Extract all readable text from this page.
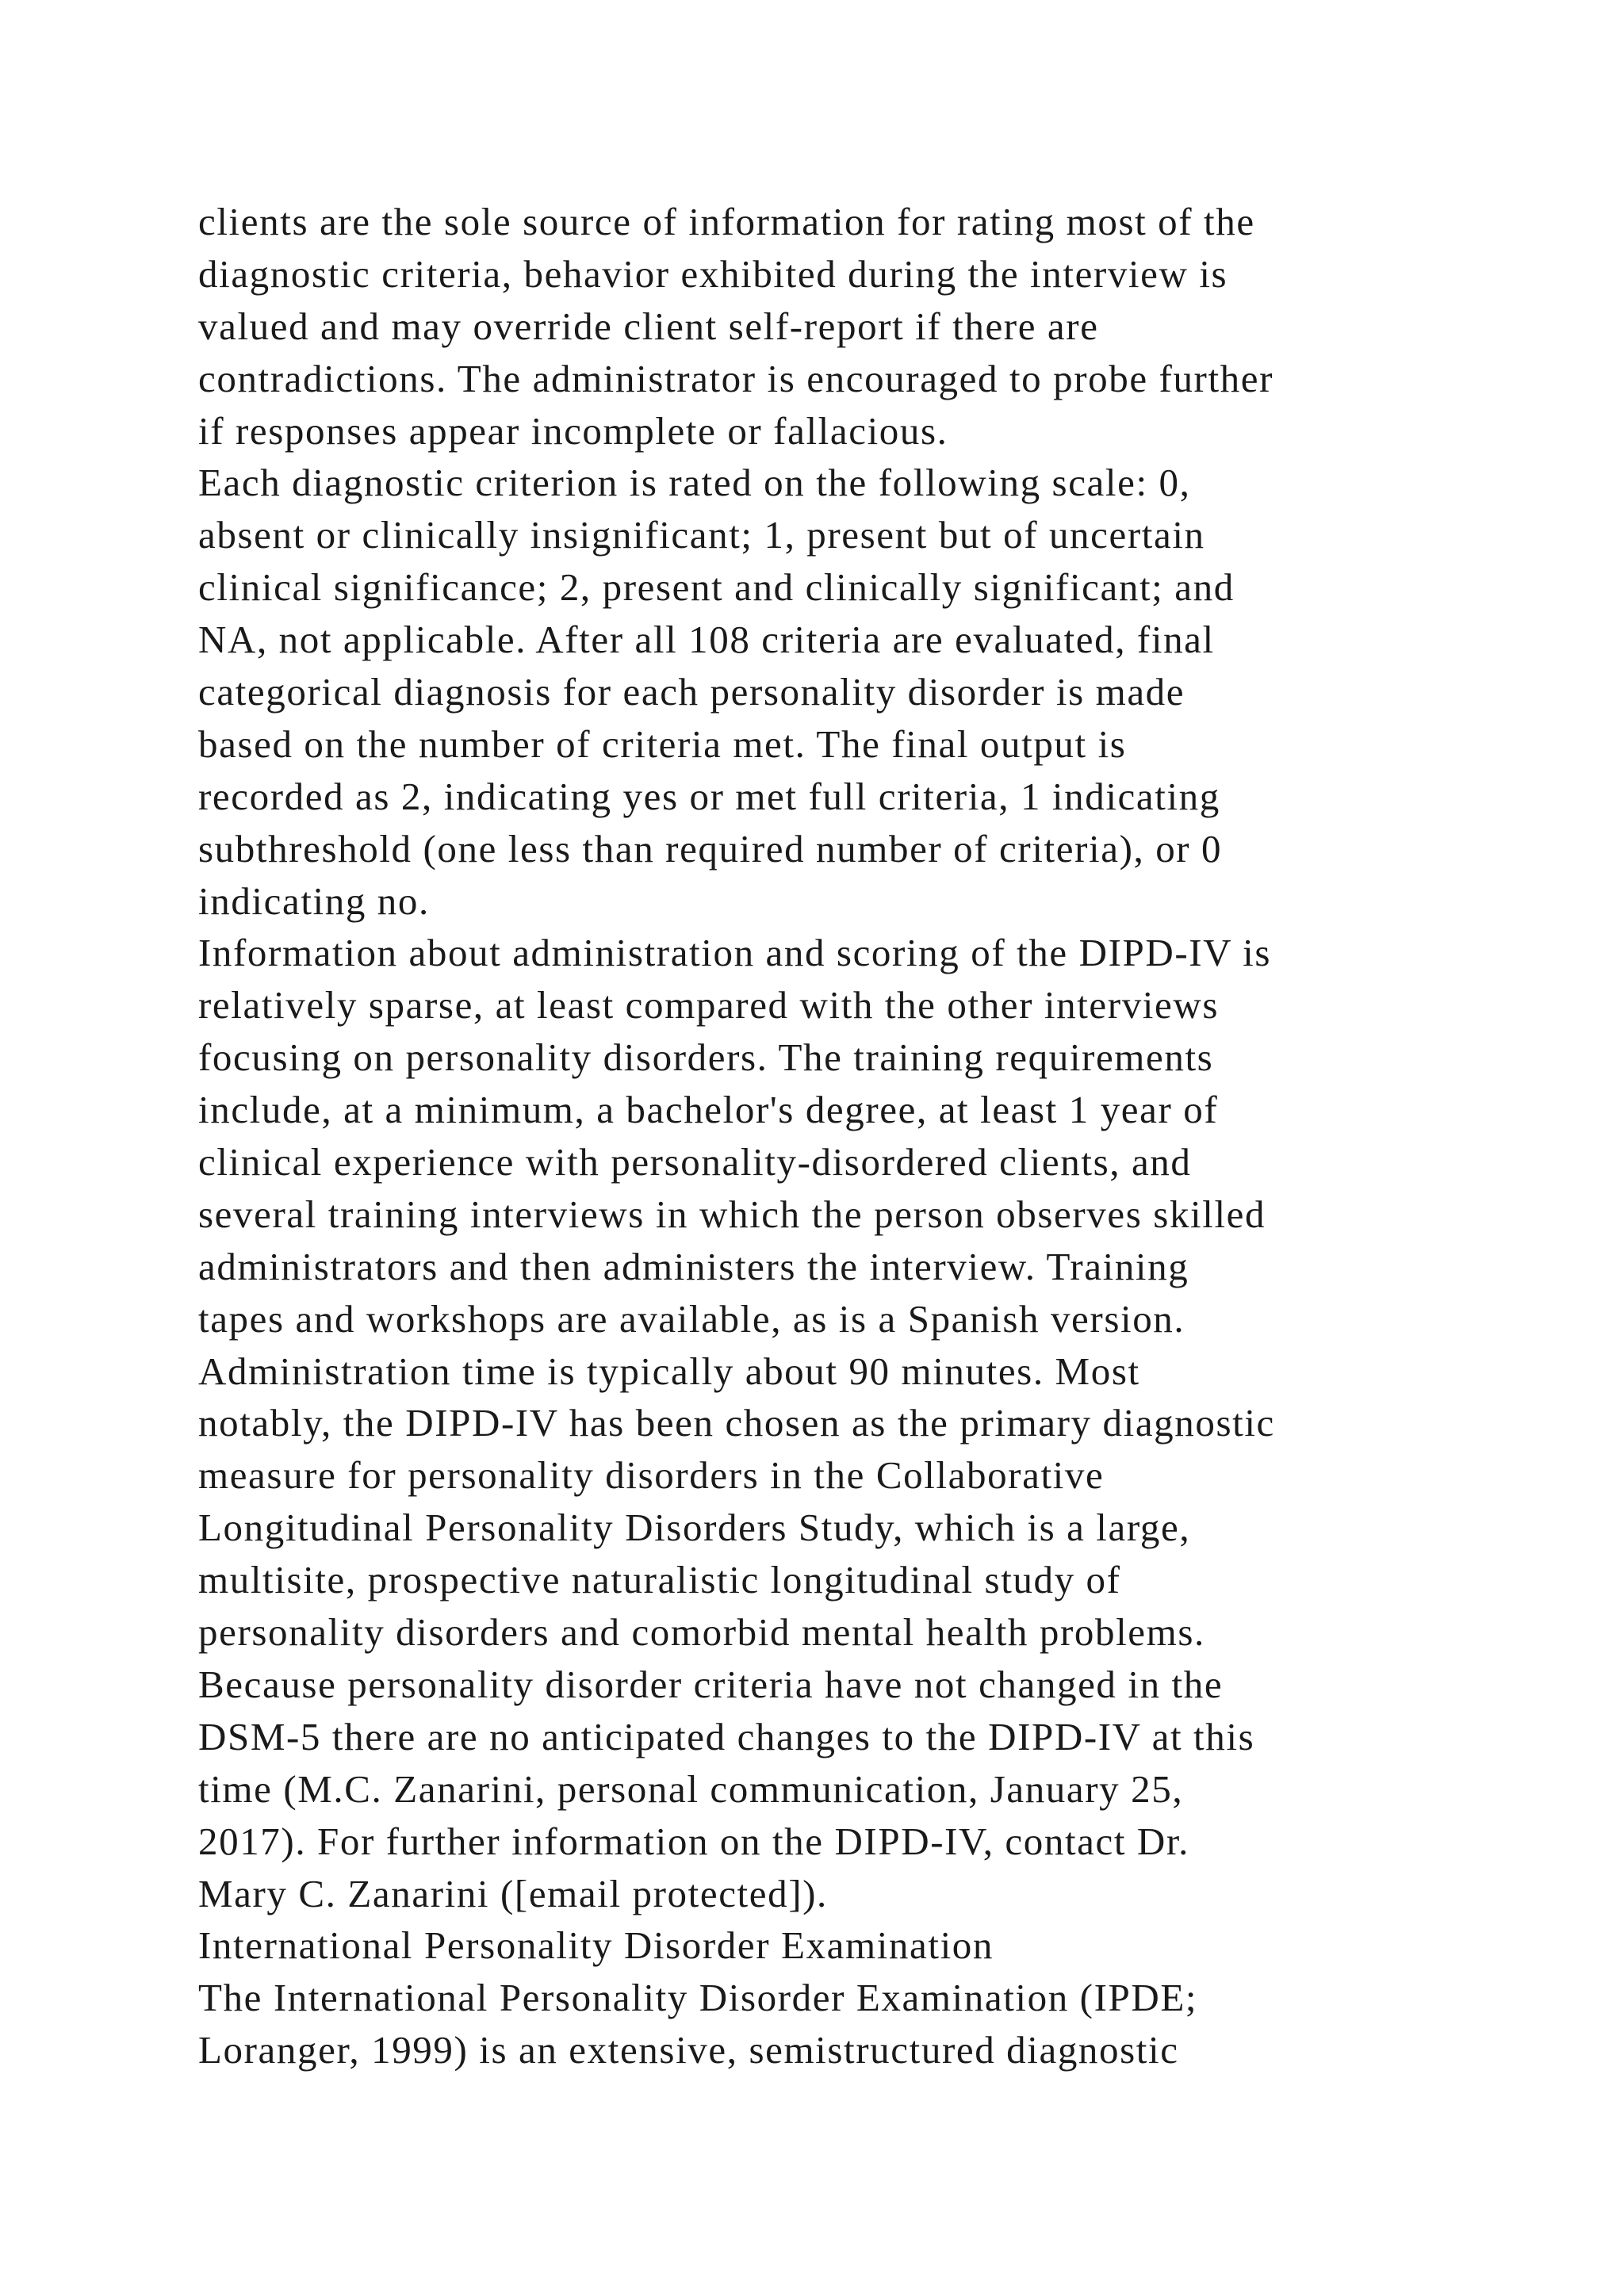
clients are the sole source of information for rating most of the
diagnostic criteria, behavior exhibited during the interview is
valued and may override client self-report if there are
contradictions. The administrator is encouraged to probe further
if responses appear incomplete or fallacious.
Each diagnostic criterion is rated on the following scale: 0,
absent or clinically insignificant; 1, present but of uncertain
clinical significance; 2, present and clinically significant; and
NA, not applicable. After all 108 criteria are evaluated, final
categorical diagnosis for each personality disorder is made
based on the number of criteria met. The final output is
recorded as 2, indicating yes or met full criteria, 1 indicating
subthreshold (one less than required number of criteria), or 0
indicating no.
Information about administration and scoring of the DIPD-IV is
relatively sparse, at least compared with the other interviews
focusing on personality disorders. The training requirements
include, at a minimum, a bachelor's degree, at least 1 year of
clinical experience with personality-disordered clients, and
several training interviews in which the person observes skilled
administrators and then administers the interview. Training
tapes and workshops are available, as is a Spanish version.
Administration time is typically about 90 minutes. Most
notably, the DIPD-IV has been chosen as the primary diagnostic
measure for personality disorders in the Collaborative
Longitudinal Personality Disorders Study, which is a large,
multisite, prospective naturalistic longitudinal study of
personality disorders and comorbid mental health problems.
Because personality disorder criteria have not changed in the
DSM-5 there are no anticipated changes to the DIPD-IV at this
time (M.C. Zanarini, personal communication, January 25,
2017). For further information on the DIPD-IV, contact Dr.
Mary C. Zanarini ([email protected]).
International Personality Disorder Examination
The International Personality Disorder Examination (IPDE;
Loranger, 1999) is an extensive, semistructured diagnostic
